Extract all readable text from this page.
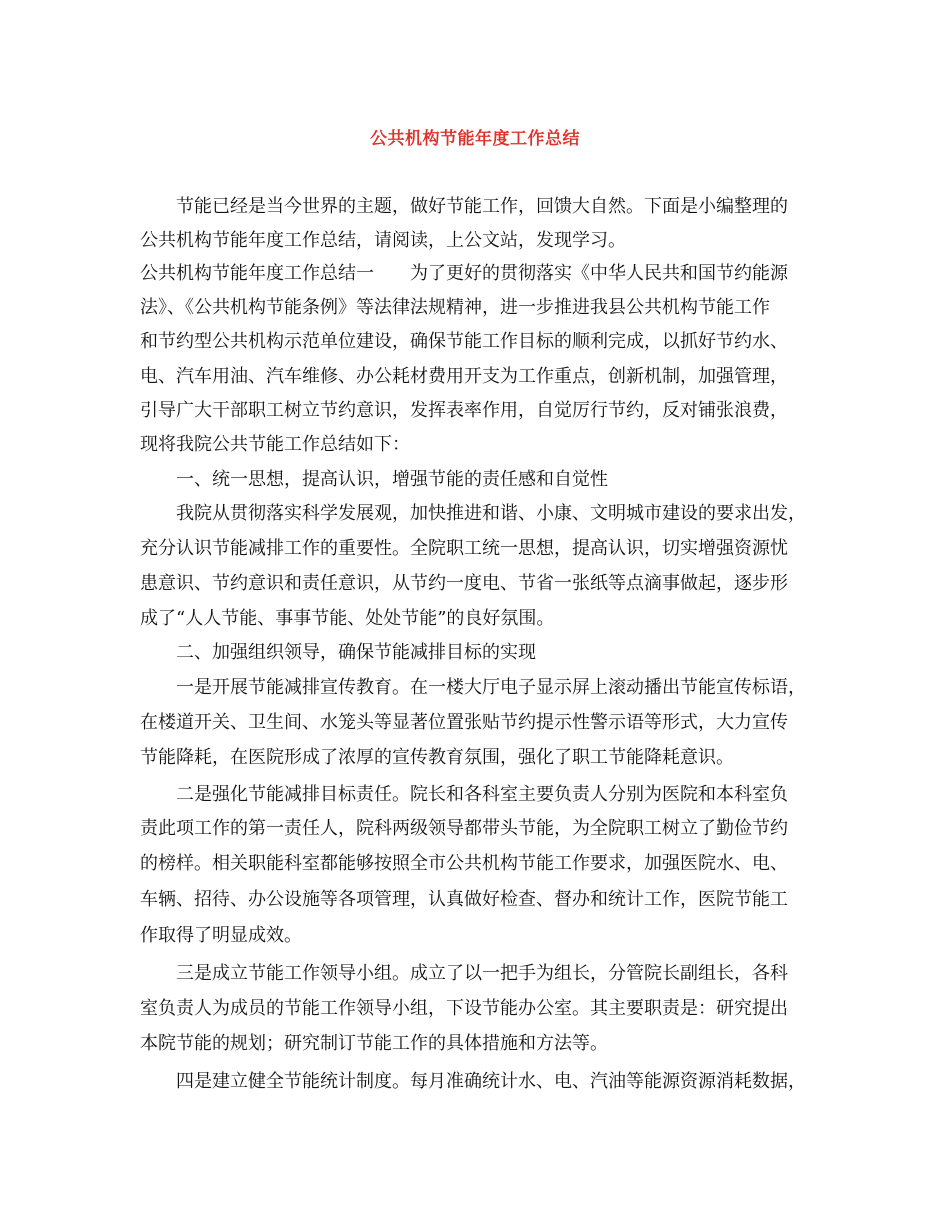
公共机构节能年度工作总结
节能已经是当今世界的主题，做好节能工作，回馈大自然。下面是小编整理的
公共机构节能年度工作总结，请阅读，上公文站，发现学习。
公共机构节能年度工作总结一　　为了更好的贯彻落实《中华人民共和国节约能源
法》、《公共机构节能条例》等法律法规精神，进一步推进我县公共机构节能工作
和节约型公共机构示范单位建设，确保节能工作目标的顺利完成，以抓好节约水、
电、汽车用油、汽车维修、办公耗材费用开支为工作重点，创新机制，加强管理，
引导广大干部职工树立节约意识，发挥表率作用，自觉厉行节约，反对铺张浪费，
现将我院公共节能工作总结如下：
一、统一思想，提高认识，增强节能的责任感和自觉性
我院从贯彻落实科学发展观，加快推进和谐、小康、文明城市建设的要求出发，
充分认识节能减排工作的重要性。全院职工统一思想，提高认识，切实增强资源忧
患意识、节约意识和责任意识，从节约一度电、节省一张纸等点滴事做起，逐步形
成了“人人节能、事事节能、处处节能”的良好氛围。
二、加强组织领导，确保节能减排目标的实现
一是开展节能减排宣传教育。在一楼大厅电子显示屏上滚动播出节能宣传标语，
在楼道开关、卫生间、水笼头等显著位置张贴节约提示性警示语等形式，大力宣传
节能降耗，在医院形成了浓厚的宣传教育氛围，强化了职工节能降耗意识。
二是强化节能减排目标责任。院长和各科室主要负责人分别为医院和本科室负
责此项工作的第一责任人，院科两级领导都带头节能，为全院职工树立了勤俭节约
的榜样。相关职能科室都能够按照全市公共机构节能工作要求，加强医院水、电、
车辆、招待、办公设施等各项管理，认真做好检查、督办和统计工作，医院节能工
作取得了明显成效。
三是成立节能工作领导小组。成立了以一把手为组长，分管院长副组长，各科
室负责人为成员的节能工作领导小组，下设节能办公室。其主要职责是：研究提出
本院节能的规划；研究制订节能工作的具体措施和方法等。
四是建立健全节能统计制度。每月准确统计水、电、汽油等能源资源消耗数据，
